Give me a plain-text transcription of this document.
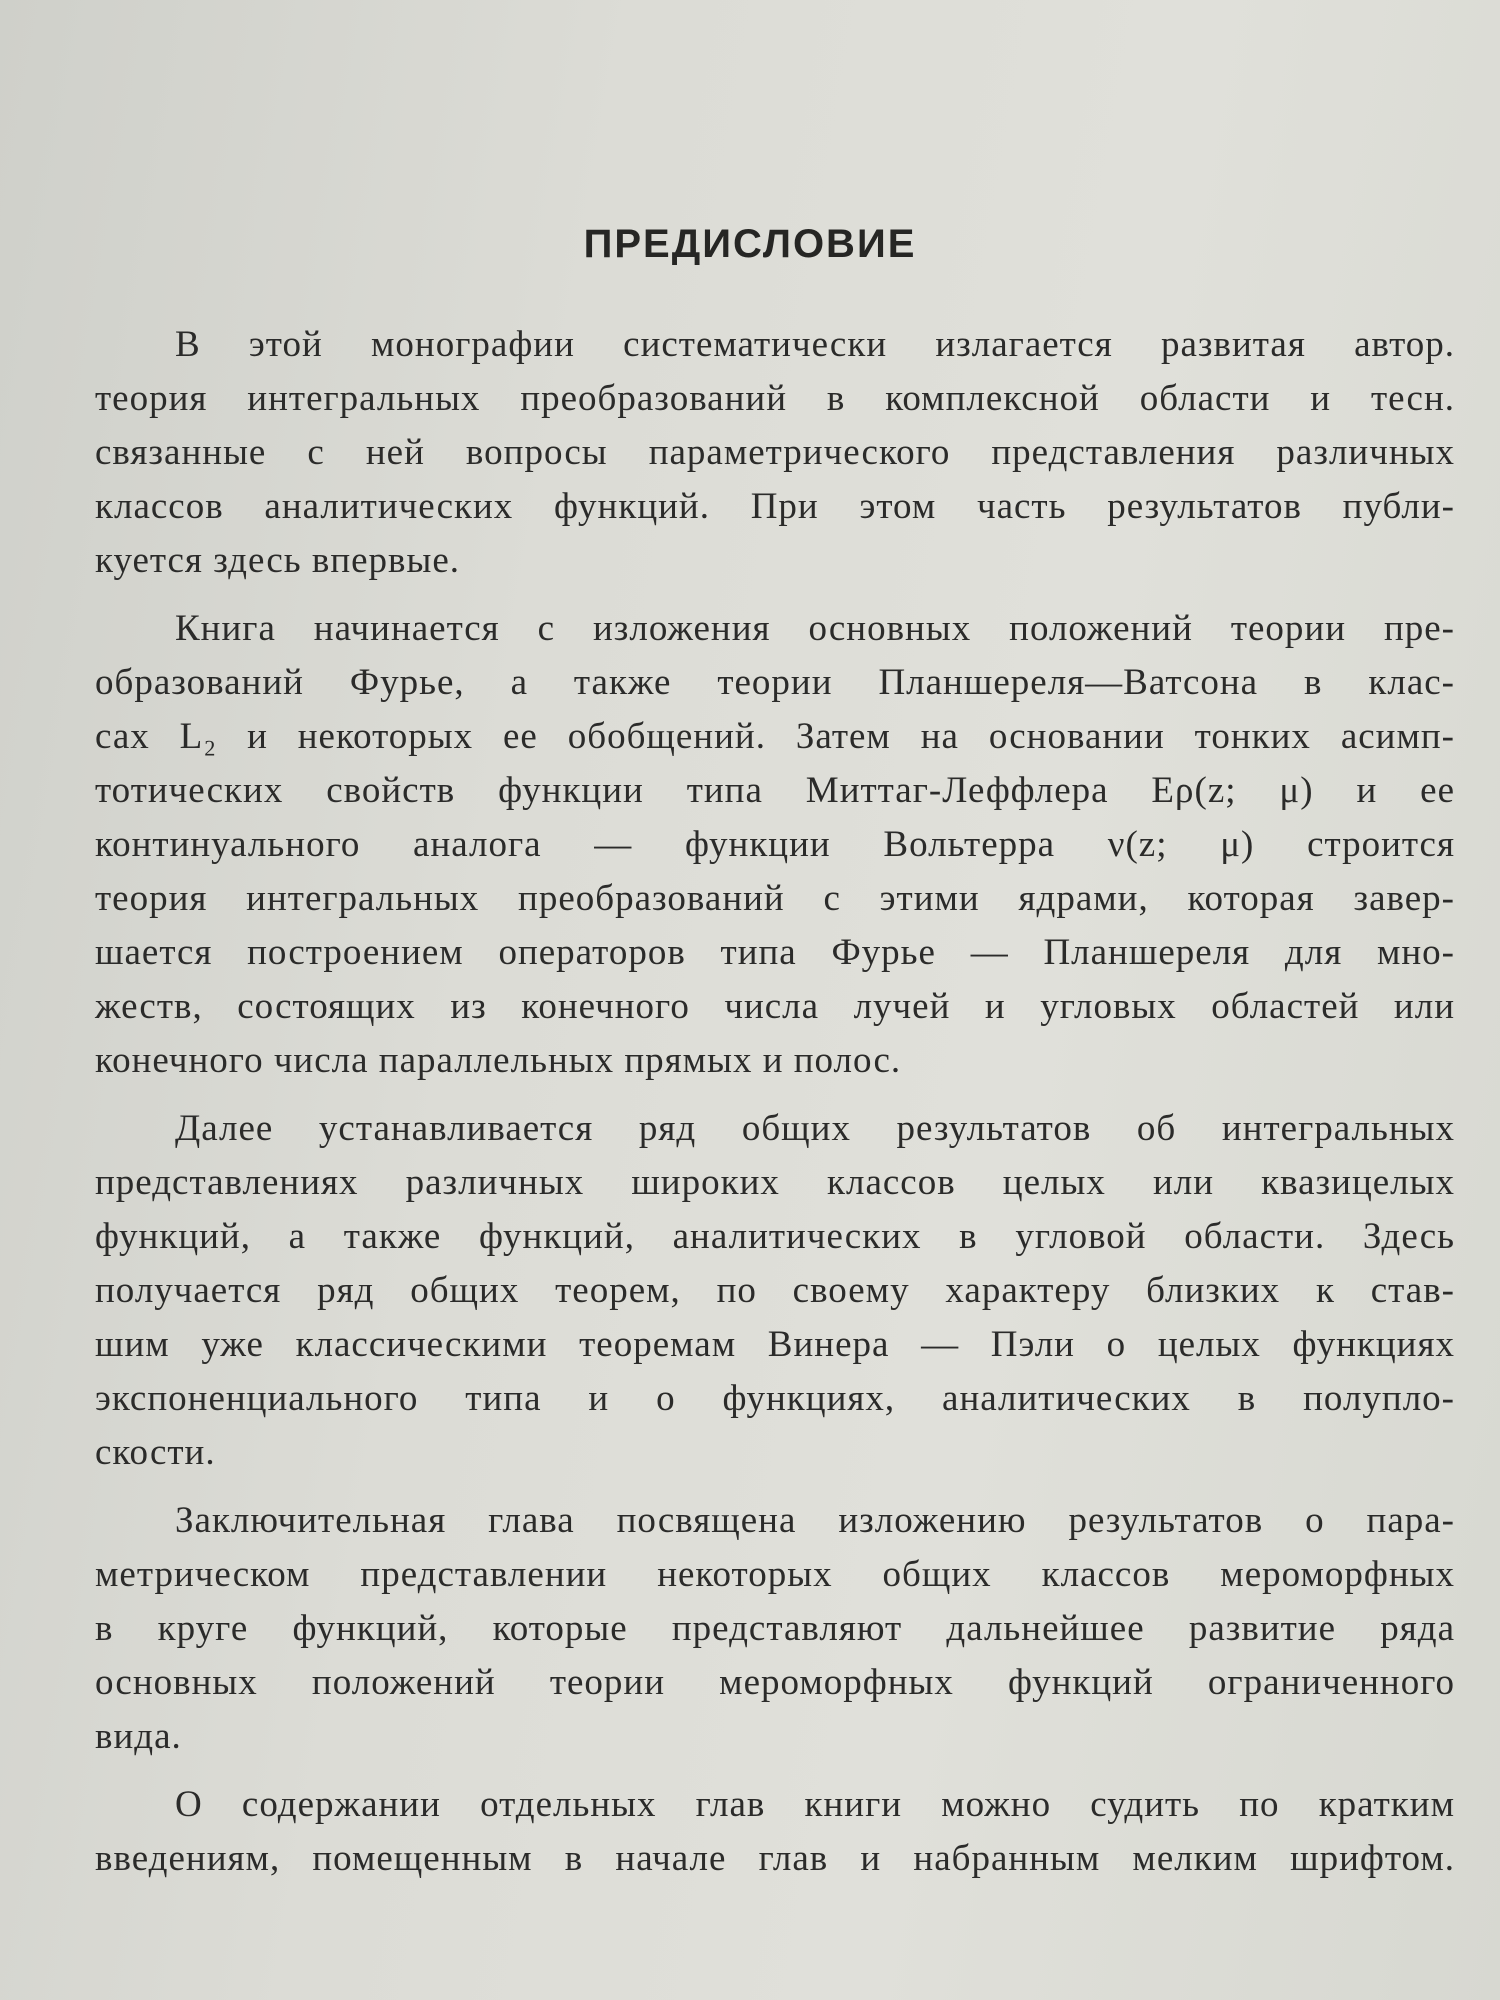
ПРЕДИСЛОВИЕ
В этой монографии систематически излагается развитая автор.
теория интегральных преобразований в комплексной области и тесн.
связанные с ней вопросы параметрического представления различных
классов аналитических функций. При этом часть результатов публи-
куется здесь впервые.
Книга начинается с изложения основных положений теории пре-
образований Фурье, а также теории Планшереля—Ватсона в клас-
сах L₂ и некоторых ее обобщений. Затем на основании тонких асимп-
тотических свойств функции типа Миттаг-Леффлера Eρ(z; μ) и ее
континуального аналога — функции Вольтерра ν(z; μ) строится
теория интегральных преобразований с этими ядрами, которая завер-
шается построением операторов типа Фурье — Планшереля для мно-
жеств, состоящих из конечного числа лучей и угловых областей или
конечного числа параллельных прямых и полос.
Далее устанавливается ряд общих результатов об интегральных
представлениях различных широких классов целых или квазицелых
функций, а также функций, аналитических в угловой области. Здесь
получается ряд общих теорем, по своему характеру близких к став-
шим уже классическими теоремам Винера — Пэли о целых функциях
экспоненциального типа и о функциях, аналитических в полупло-
скости.
Заключительная глава посвящена изложению результатов о пара-
метрическом представлении некоторых общих классов мероморфных
в круге функций, которые представляют дальнейшее развитие ряда
основных положений теории мероморфных функций ограниченного
вида.
О содержании отдельных глав книги можно судить по кратким
введениям, помещенным в начале глав и набранным мелким шрифтом.
